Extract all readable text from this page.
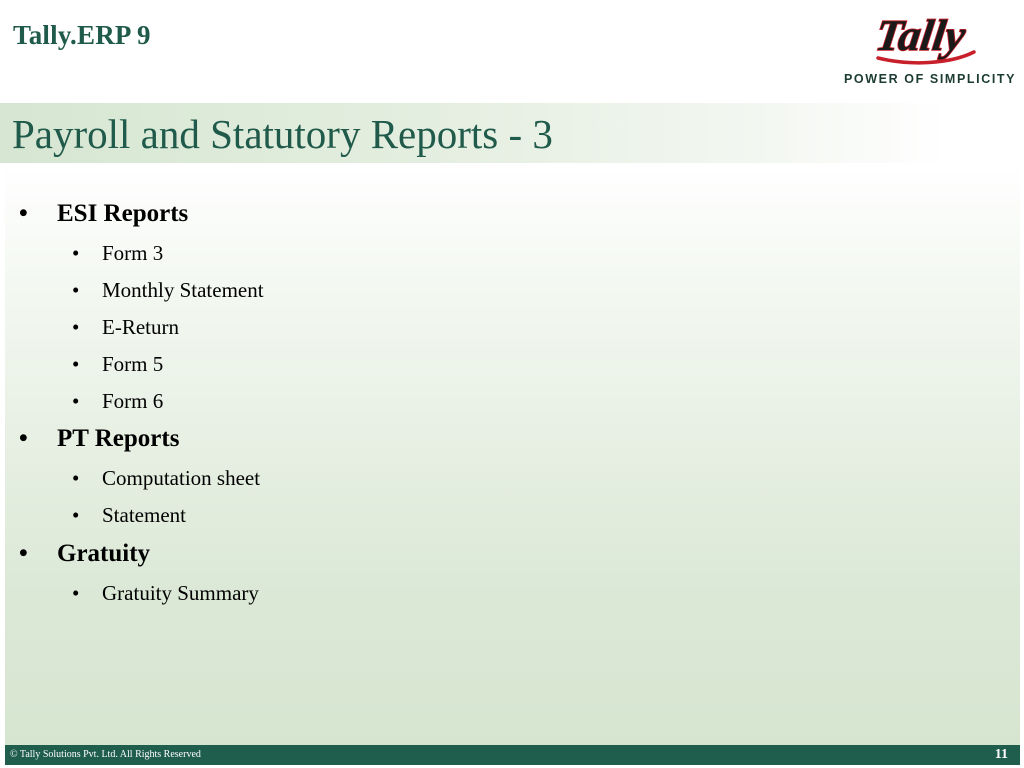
Tally.ERP 9	Tally
POWER OF SIMPLICITY
Payroll and Statutory Reports - 3
• ESI Reports
• Form 3
• Monthly Statement
• E-Return
• Form 5
• Form 6
• PT Reports
• Computation sheet
• Statement
• Gratuity
• Gratuity Summary
© Tally Solutions Pvt. Ltd. All Rights Reserved	11
